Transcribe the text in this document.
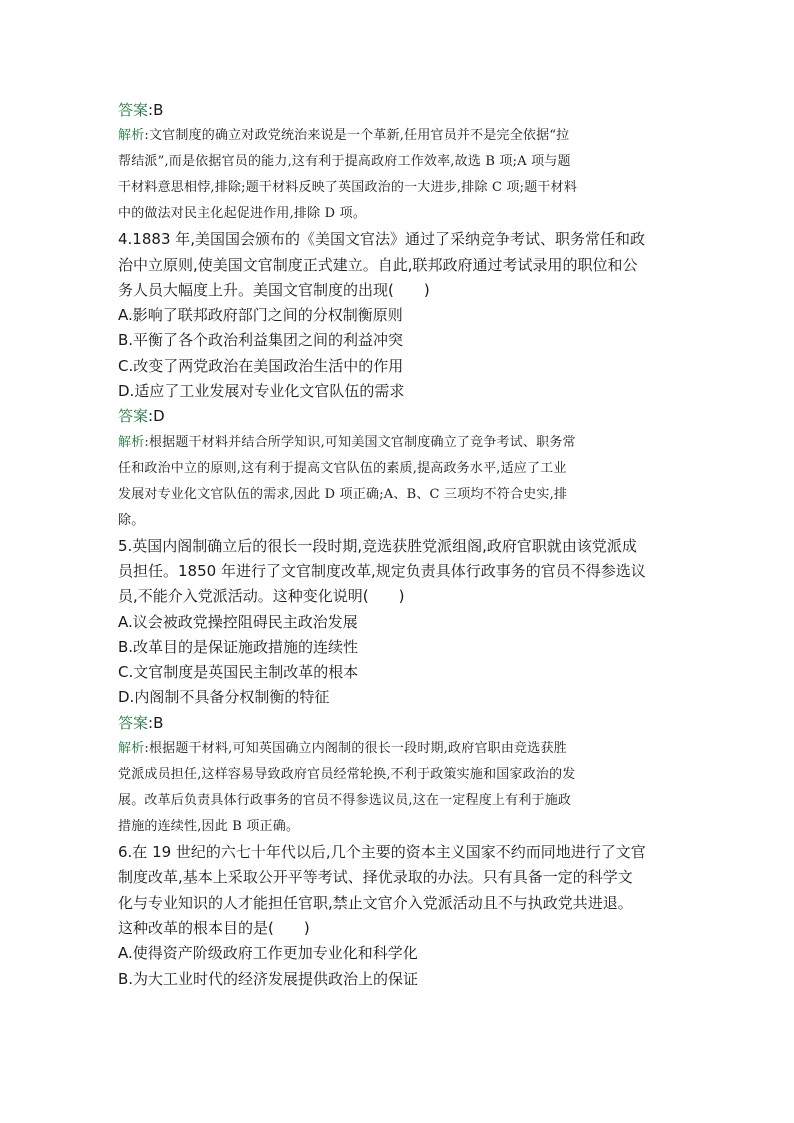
答案:B
解析:文官制度的确立对政党统治来说是一个革新,任用官员并不是完全依据“拉
帮结派”,而是依据官员的能力,这有利于提高政府工作效率,故选 B 项;A 项与题
干材料意思相悖,排除;题干材料反映了英国政治的一大进步,排除 C 项;题干材料
中的做法对民主化起促进作用,排除 D 项。
4.1883 年,美国国会颁布的《美国文官法》通过了采纳竞争考试、职务常任和政
治中立原则,使美国文官制度正式建立。自此,联邦政府通过考试录用的职位和公
务人员大幅度上升。美国文官制度的出现(　　)
A.影响了联邦政府部门之间的分权制衡原则
B.平衡了各个政治利益集团之间的利益冲突
C.改变了两党政治在美国政治生活中的作用
D.适应了工业发展对专业化文官队伍的需求
答案:D
解析:根据题干材料并结合所学知识,可知美国文官制度确立了竞争考试、职务常
任和政治中立的原则,这有利于提高文官队伍的素质,提高政务水平,适应了工业
发展对专业化文官队伍的需求,因此 D 项正确;A、B、C 三项均不符合史实,排
除。
5.英国内阁制确立后的很长一段时期,竞选获胜党派组阁,政府官职就由该党派成
员担任。1850 年进行了文官制度改革,规定负责具体行政事务的官员不得参选议
员,不能介入党派活动。这种变化说明(　　)
A.议会被政党操控阻碍民主政治发展
B.改革目的是保证施政措施的连续性
C.文官制度是英国民主制改革的根本
D.内阁制不具备分权制衡的特征
答案:B
解析:根据题干材料,可知英国确立内阁制的很长一段时期,政府官职由竞选获胜
党派成员担任,这样容易导致政府官员经常轮换,不利于政策实施和国家政治的发
展。改革后负责具体行政事务的官员不得参选议员,这在一定程度上有利于施政
措施的连续性,因此 B 项正确。
6.在 19 世纪的六七十年代以后,几个主要的资本主义国家不约而同地进行了文官
制度改革,基本上采取公开平等考试、择优录取的办法。只有具备一定的科学文
化与专业知识的人才能担任官职,禁止文官介入党派活动且不与执政党共进退。
这种改革的根本目的是(　　)
A.使得资产阶级政府工作更加专业化和科学化
B.为大工业时代的经济发展提供政治上的保证
